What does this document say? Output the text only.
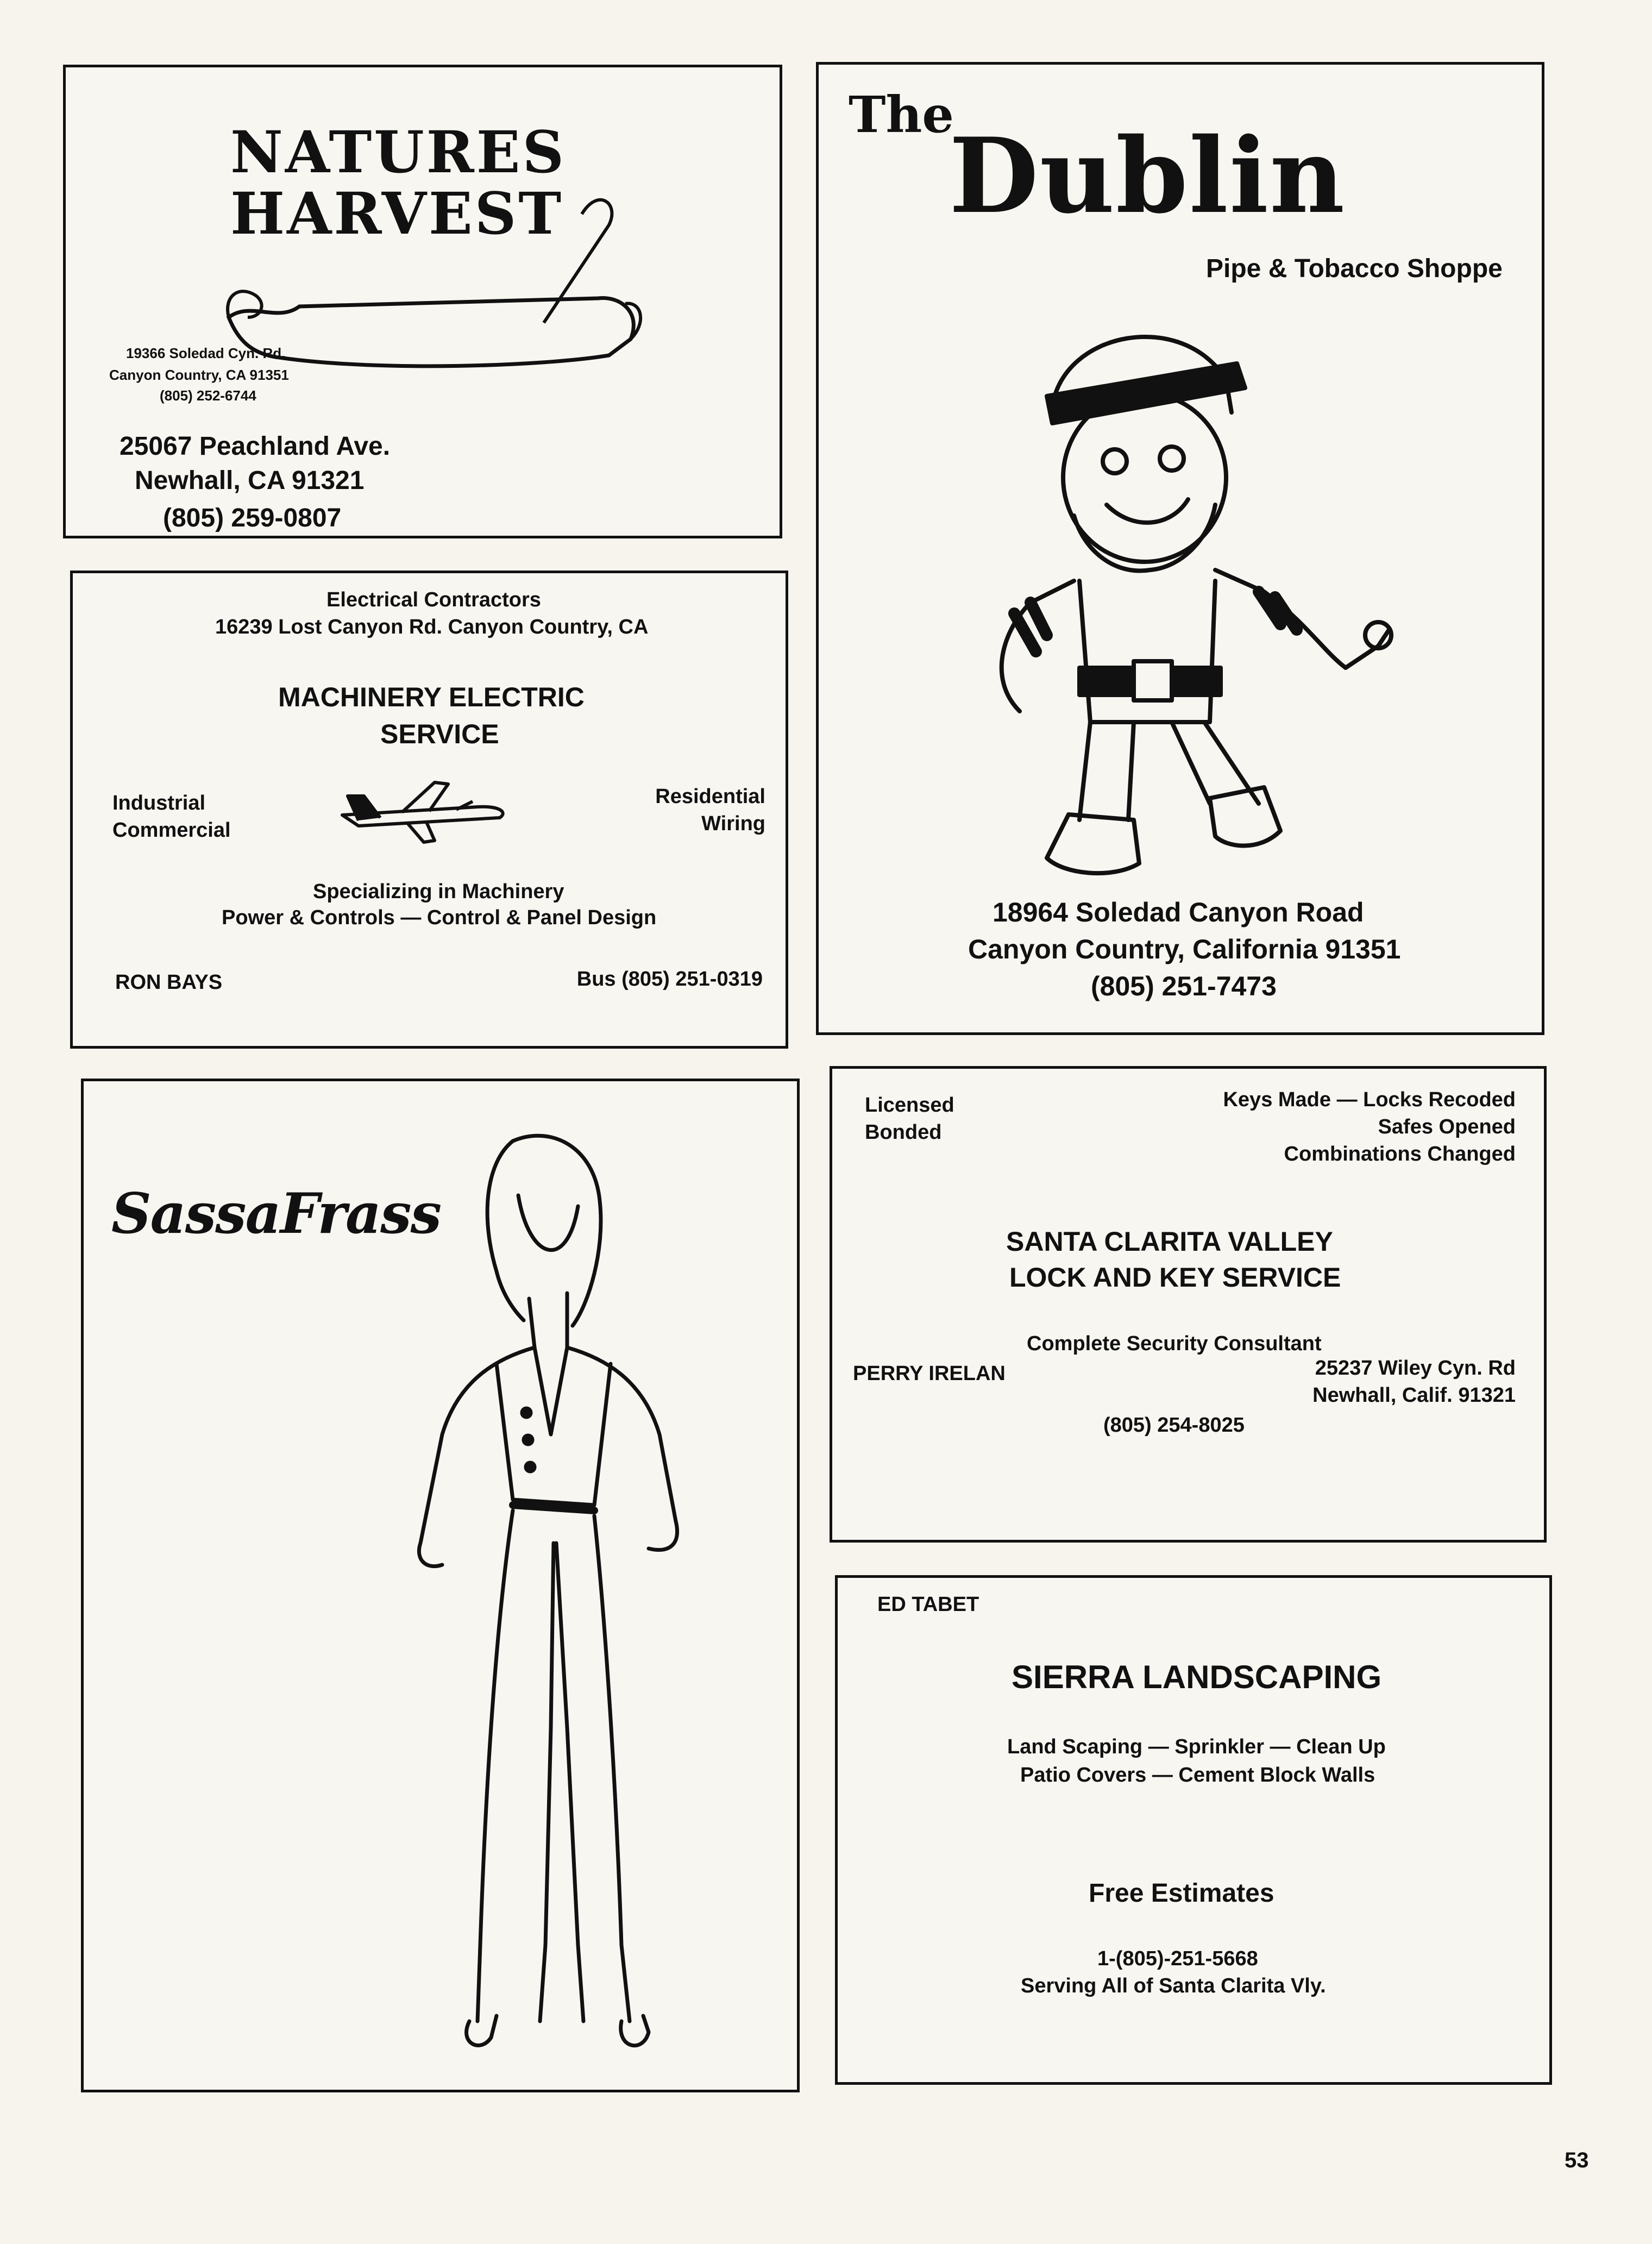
NATURES
HARVEST
19366 Soledad Cyn. Rd.
Canyon Country, CA 91351
(805) 252-6744
25067 Peachland Ave.
Newhall, CA 91321
(805) 259-0807
The
Dublin
Pipe & Tobacco Shoppe
18964 Soledad Canyon Road
Canyon Country, California 91351
(805) 251-7473
Electrical Contractors
16239 Lost Canyon Rd. Canyon Country, CA
MACHINERY ELECTRIC
SERVICE
Industrial
Commercial
Residential
Wiring
Specializing in Machinery
Power & Controls — Control & Panel Design
RON BAYS	Bus (805) 251-0319
SassaFrass
Licensed
Bonded
Keys Made — Locks Recoded
Safes Opened
Combinations Changed
SANTA CLARITA VALLEY
LOCK AND KEY SERVICE
Complete Security Consultant
PERRY IRELAN	25237 Wiley Cyn. Rd
Newhall, Calif. 91321
(805) 254-8025
ED TABET
SIERRA LANDSCAPING
Land Scaping — Sprinkler — Clean Up
Patio Covers — Cement Block Walls
Free Estimates
1-(805)-251-5668
Serving All of Santa Clarita Vly.
53
